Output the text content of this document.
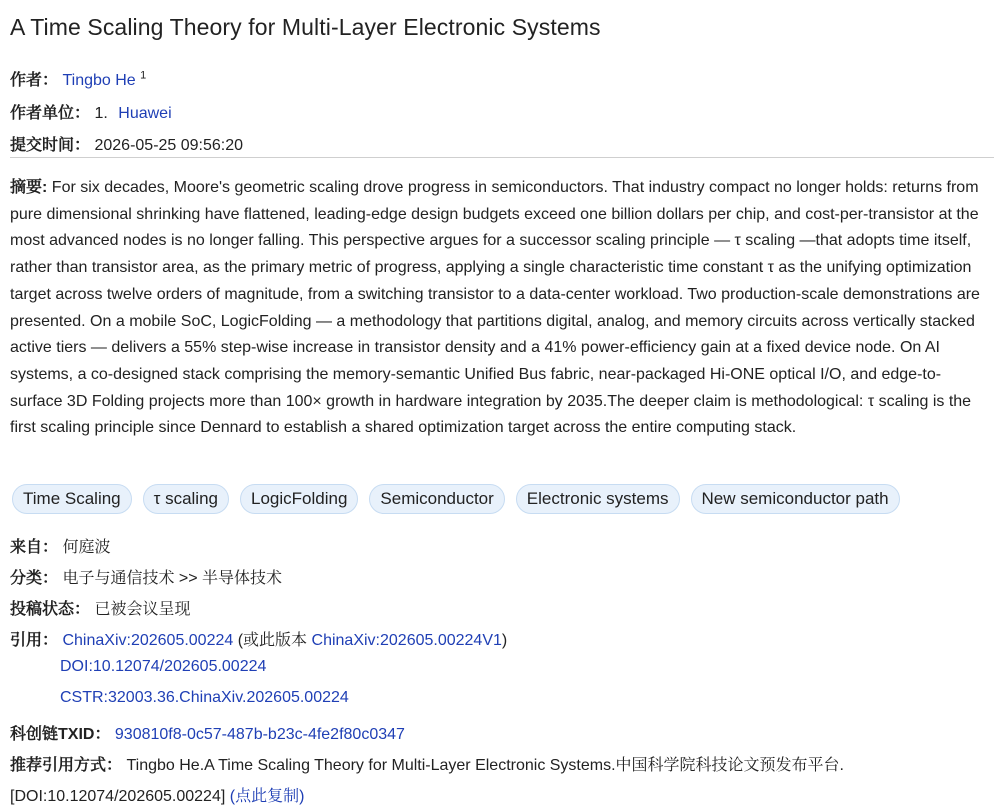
A Time Scaling Theory for Multi-Layer Electronic Systems
作者： Tingbo He $^1$
作者单位： 1. Huawei
提交时间： 2026-05-25 09:56:20

摘要: For six decades, Moore's geometric scaling drove progress in semiconductors. That industry compact no longer holds: returns from pure dimensional shrinking have flattened, leading-edge design budgets exceed one billion dollars per chip, and cost-per-transistor at the most advanced nodes is no longer falling. This perspective argues for a successor scaling principle — τ scaling —that adopts time itself, rather than transistor area, as the primary metric of progress, applying a single characteristic time constant τ as the unifying optimization target across twelve orders of magnitude, from a switching transistor to a data-center workload. Two production-scale demonstrations are presented. On a mobile SoC, LogicFolding — a methodology that partitions digital, analog, and memory circuits across vertically stacked active tiers — delivers a 55% step-wise increase in transistor density and a 41% power-efficiency gain at a fixed device node. On AI systems, a co-designed stack comprising the memory-semantic Unified Bus fabric, near-packaged Hi-ONE optical I/O, and edge-to-surface 3D Folding projects more than 100× growth in hardware integration by 2035.The deeper claim is methodological: τ scaling is the first scaling principle since Dennard to establish a shared optimization target across the entire computing stack.

Time Scaling	τ scaling	LogicFolding	Semiconductor	Electronic systems	New semiconductor path
来自： 何庭波
分类： 电子与通信技术 >> 半导体技术
投稿状态： 已被会议呈现
引用： ChinaXiv:202605.00224 (或此版本 ChinaXiv:202605.00224V1)
DOI:10.12074/202605.00224
CSTR:32003.36.ChinaXiv.202605.00224
科创链TXID： 930810f8-0c57-487b-b23c-4fe2f80c0347
推荐引用方式： Tingbo He.A Time Scaling Theory for Multi-Layer Electronic Systems.中国科学院科技论文预发布平台.
[DOI:10.12074/202605.00224] (点此复制)
